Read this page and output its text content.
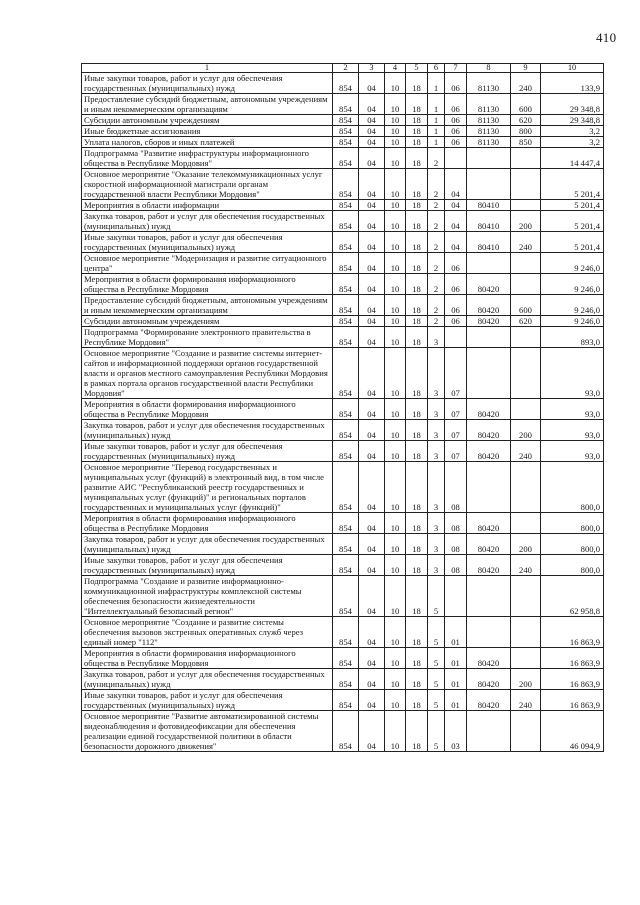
410
1	2	3	4	5	6	7	8	9	10
Иные закупки товаров, работ и услуг для обеспечения государственных (муниципальных) нужд	854	04	10	18	1	06	81130	240	133,9
Предоставление субсидий бюджетным, автономным учреждениям и иным некоммерческим организациям	854	04	10	18	1	06	81130	600	29 348,8
Субсидии автономным учреждениям	854	04	10	18	1	06	81130	620	29 348,8
Иные бюджетные ассигнования	854	04	10	18	1	06	81130	800	3,2
Уплата налогов, сборов и иных платежей	854	04	10	18	1	06	81130	850	3,2
Подпрограмма "Развитие инфраструктуры информационного общества в Республике Мордовия"	854	04	10	18	2				14 447,4
Основное мероприятие "Оказание телекоммуникационных услуг скоростной информационной магистрали органам государственной власти Республики Мордовия"	854	04	10	18	2	04			5 201,4
Мероприятия в области информации	854	04	10	18	2	04	80410		5 201,4
Закупка товаров, работ и услуг для обеспечения государственных (муниципальных) нужд	854	04	10	18	2	04	80410	200	5 201,4
Иные закупки товаров, работ и услуг для обеспечения государственных (муниципальных) нужд	854	04	10	18	2	04	80410	240	5 201,4
Основное мероприятие "Модернизация и развитие ситуационного центра"	854	04	10	18	2	06			9 246,0
Мероприятия в области формирования информационного общества в Республике Мордовия	854	04	10	18	2	06	80420		9 246,0
Предоставление субсидий бюджетным, автономным учреждениям и иным некоммерческим организациям	854	04	10	18	2	06	80420	600	9 246,0
Субсидии автономным учреждениям	854	04	10	18	2	06	80420	620	9 246,0
Подпрограмма "Формирование электронного правительства в Республике Мордовия"	854	04	10	18	3				893,0
Основное мероприятие "Создание и развитие системы интернет-сайтов и информационной поддержки органов государственной власти и органов местного самоуправления Республики Мордовия в рамках портала органов государственной власти Республики Мордовия"	854	04	10	18	3	07			93,0
Мероприятия в области формирования информационного общества в Республике Мордовия	854	04	10	18	3	07	80420		93,0
Закупка товаров, работ и услуг для обеспечения государственных (муниципальных) нужд	854	04	10	18	3	07	80420	200	93,0
Иные закупки товаров, работ и услуг для обеспечения государственных (муниципальных) нужд	854	04	10	18	3	07	80420	240	93,0
Основное мероприятие "Перевод государственных и муниципальных услуг (функций) в электронный вид, в том числе развитие АИС "Республиканский реестр государственных и муниципальных услуг (функций)" и региональных порталов государственных и муниципальных услуг (функций)"	854	04	10	18	3	08			800,0
Мероприятия в области формирования информационного общества в Республике Мордовия	854	04	10	18	3	08	80420		800,0
Закупка товаров, работ и услуг для обеспечения государственных (муниципальных) нужд	854	04	10	18	3	08	80420	200	800,0
Иные закупки товаров, работ и услуг для обеспечения государственных (муниципальных) нужд	854	04	10	18	3	08	80420	240	800,0
Подпрограмма "Создание и развитие информационно-коммуникационной инфраструктуры комплексной системы обеспечения безопасности жизнедеятельности "Интеллектуальный безопасный регион"	854	04	10	18	5				62 958,8
Основное мероприятие "Создание и развитие системы обеспечения вызовов экстренных оперативных служб через единый номер "112"	854	04	10	18	5	01			16 863,9
Мероприятия в области формирования информационного общества в Республике Мордовия	854	04	10	18	5	01	80420		16 863,9
Закупка товаров, работ и услуг для обеспечения государственных (муниципальных) нужд	854	04	10	18	5	01	80420	200	16 863,9
Иные закупки товаров, работ и услуг для обеспечения государственных (муниципальных) нужд	854	04	10	18	5	01	80420	240	16 863,9
Основное мероприятие "Развитие автоматизированной системы видеонаблюдения и фотовидеофиксации для обеспечения реализации единой государственной политики в области безопасности дорожного движения"	854	04	10	18	5	03			46 094,9
